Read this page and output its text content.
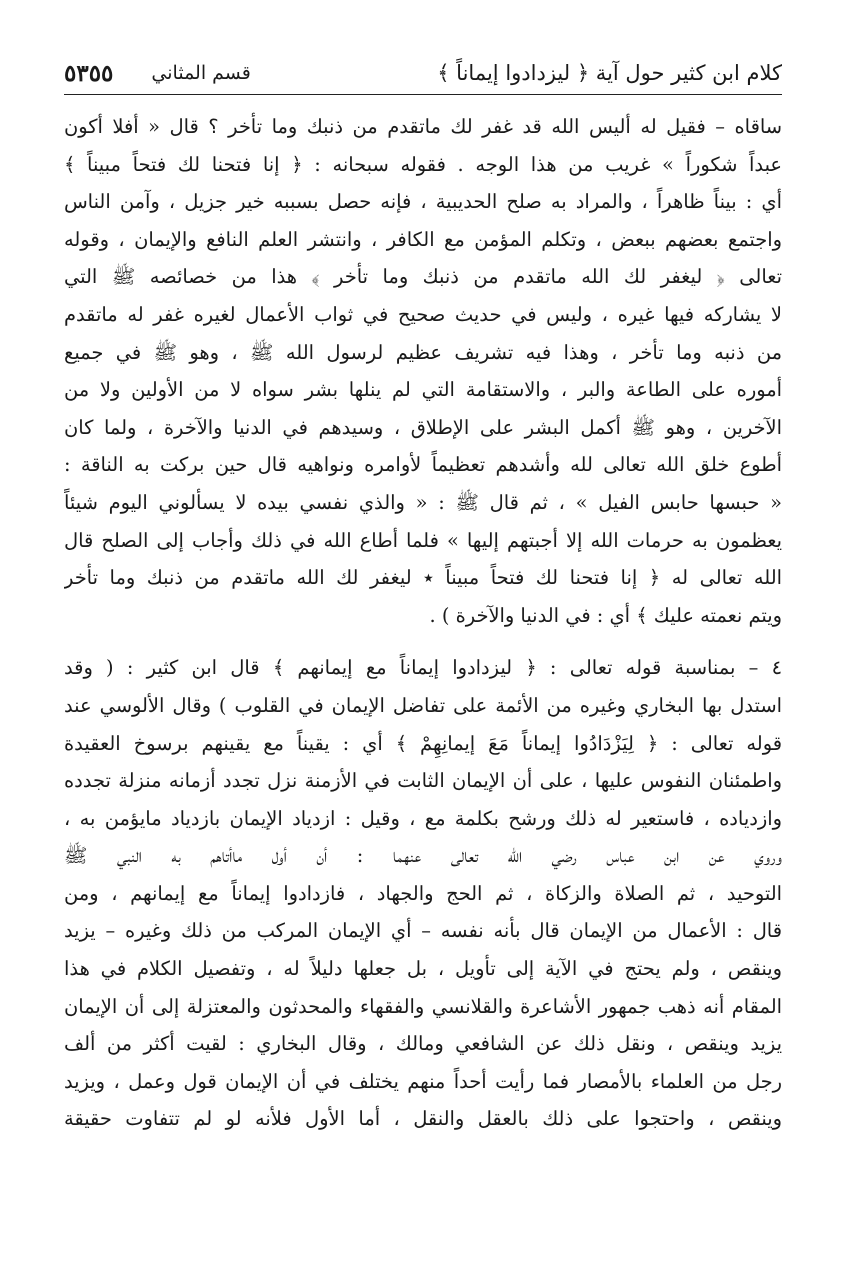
كلام ابن كثير حول آية ﴿ ليزدادوا إيماناً ﴾
قسم المثاني
٥٣٥٥

ساقاه – فقيل له أليس الله قد غفر لك ماتقدم من ذنبك وما تأخر ؟ قال « أفلا أكون
عبداً شكوراً » غريب من هذا الوجه . فقوله سبحانه : ﴿ إنا فتحنا لك فتحاً مبيناً ﴾
أي : بيناً ظاهراً ، والمراد به صلح الحديبية ، فإنه حصل بسببه خير جزيل ، وآمن الناس
واجتمع بعضهم ببعض ، وتكلم المؤمن مع الكافر ، وانتشر العلم النافع والإيمان ، وقوله
تعالى ﴿ ليغفر لك الله ماتقدم من ذنبك وما تأخر ﴾ هذا من خصائصه ﷺ التي
لا يشاركه فيها غيره ، وليس في حديث صحيح في ثواب الأعمال لغيره غفر له ماتقدم
من ذنبه وما تأخر ، وهذا فيه تشريف عظيم لرسول الله ﷺ ، وهو ﷺ في جميع
أموره على الطاعة والبر ، والاستقامة التي لم ينلها بشر سواه لا من الأولين ولا من
الآخرين ، وهو ﷺ أكمل البشر على الإطلاق ، وسيدهم في الدنيا والآخرة ، ولما كان
أطوع خلق الله تعالى لله وأشدهم تعظيماً لأوامره ونواهيه قال حين بركت به الناقة :
« حبسها حابس الفيل » ، ثم قال ﷺ : « والذي نفسي بيده لا يسألوني اليوم شيئاً
يعظمون به حرمات الله إلا أجبتهم إليها » فلما أطاع الله في ذلك وأجاب إلى الصلح قال
الله تعالى له ﴿ إنا فتحنا لك فتحاً مبيناً ٭ ليغفر لك الله ماتقدم من ذنبك وما تأخر
ويتم نعمته عليك ﴾ أي : في الدنيا والآخرة ) .

٤ – بمناسبة قوله تعالى : ﴿ ليزدادوا إيماناً مع إيمانهم ﴾ قال ابن كثير : ( وقد
استدل بها البخاري وغيره من الأئمة على تفاضل الإيمان في القلوب ) وقال الألوسي عند
قوله تعالى : ﴿ لِيَزْدَادُوا إيماناً مَعَ إيمانِهِمْ ﴾ أي : يقيناً مع يقينهم برسوخ العقيدة
واطمئنان النفوس عليها ، على أن الإيمان الثابت في الأزمنة نزل تجدد أزمانه منزلة تجدده
وازدياده ، فاستعير له ذلك ورشح بكلمة مع ، وقيل : ازدياد الإيمان بازدياد مايؤمن به ،
وروي عن ابن عباس رضي الله تعالى عنهما : أن أول ماأتاهم به النبي ﷺ
التوحيد ، ثم الصلاة والزكاة ، ثم الحج والجهاد ، فازدادوا إيماناً مع إيمانهم ، ومن
قال : الأعمال من الإيمان قال بأنه نفسه – أي الإيمان المركب من ذلك وغيره – يزيد
وينقص ، ولم يحتج في الآية إلى تأويل ، بل جعلها دليلاً له ، وتفصيل الكلام في هذا
المقام أنه ذهب جمهور الأشاعرة والقلانسي والفقهاء والمحدثون والمعتزلة إلى أن الإيمان
يزيد وينقص ، ونقل ذلك عن الشافعي ومالك ، وقال البخاري : لقيت أكثر من ألف
رجل من العلماء بالأمصار فما رأيت أحداً منهم يختلف في أن الإيمان قول وعمل ، ويزيد
وينقص ، واحتجوا على ذلك بالعقل والنقل ، أما الأول فلأنه لو لم تتفاوت حقيقة
